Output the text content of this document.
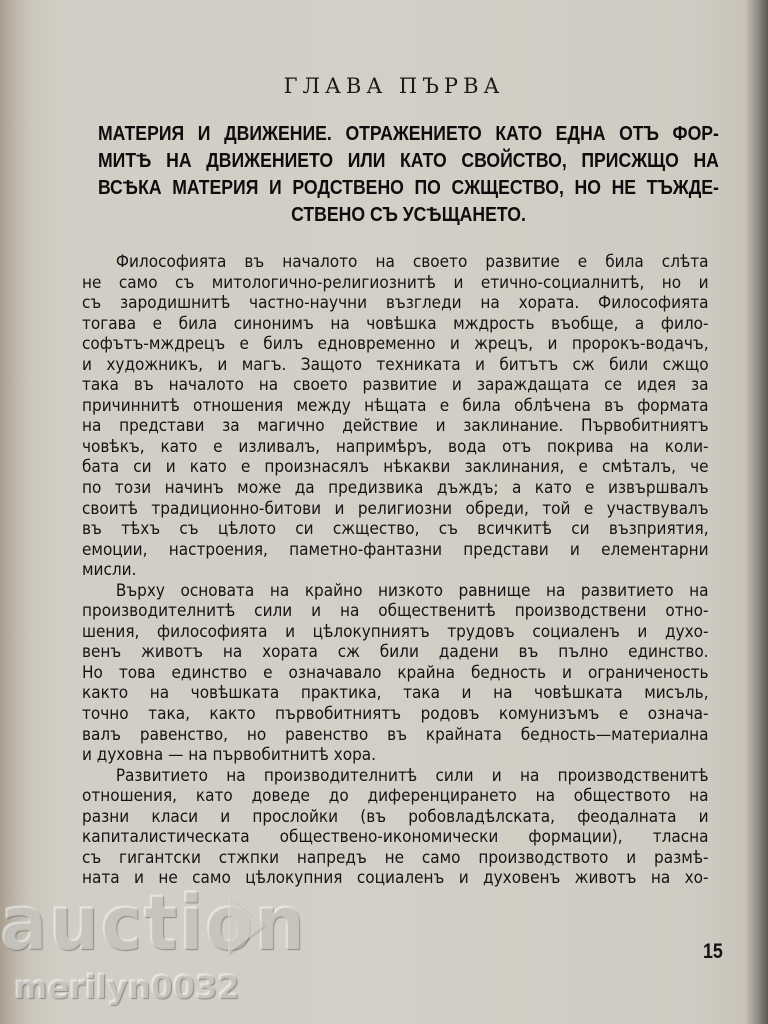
ГЛАВА ПЪРВА
МАТЕРИЯ И ДВИЖЕНИЕ. ОТРАЖЕНИЕТО КАТО ЕДНА ОТЪ ФОР-
МИТѢ НА ДВИЖЕНИЕТО ИЛИ КАТО СВОЙСТВО, ПРИСЖЩО НА
ВСѢКА МАТЕРИЯ И РОДСТВЕНО ПО СЖЩЕСТВО, НО НЕ ТЪЖДЕ-
СТВЕНО СЪ УСѢЩАНЕТО.
Философията въ началото на своето развитие е била слѣта
не само съ митологично-религиознитѣ и етично-социалнитѣ, но и
съ зародишнитѣ частно-научни възгледи на хората. Философията
тогава е била синонимъ на човѣшка мждрость въобще, а фило-
софътъ-мждрецъ е билъ едновременно и жрецъ, и пророкъ-водачъ,
и художникъ, и магъ. Защото техниката и битътъ сж били сжщо
така въ началото на своето развитие и зараждащата се идея за
причиннитѣ отношения между нѣщата е била облѣчена въ формата
на представи за магично действие и заклинание. Първобитниятъ
човѣкъ, като е изливалъ, напримѣръ, вода отъ покрива на коли-
бата си и като е произнасялъ нѣкакви заклинания, е смѣталъ, че
по този начинъ може да предизвика дъждъ; а като е извършвалъ
своитѣ традиционно-битови и религиозни обреди, той е участвувалъ
въ тѣхъ съ цѣлото си сжщество, съ всичкитѣ си възприятия,
емоции, настроения, паметно-фантазни представи и елементарни
мисли.
Върху основата на крайно низкото равнище на развитието на
производителнитѣ сили и на общественитѣ производствени отно-
шения, философията и цѣлокупниятъ трудовъ социаленъ и духо-
венъ животъ на хората сж били дадени въ пълно единство.
Но това единство е означавало крайна бедность и ограниченость
както на човѣшката практика, така и на човѣшката мисъль,
точно така, както първобитниятъ родовъ комунизъмъ е означа-
валъ равенство, но равенство въ крайната бедность—материална
и духовна — на първобитнитѣ хора.
Развитието на производителнитѣ сили и на производственитѣ
отношения, като доведе до диференцирането на обществото на
разни класи и прослойки (въ робовладѣлската, феодалната и
капиталистическата обществено-икономически формации), тласна
съ гигантски стжпки напредъ не само производството и размѣ-
ната и не само цѣлокупния социаленъ и духовенъ животъ на хо-
15
auction
merilyn0032
